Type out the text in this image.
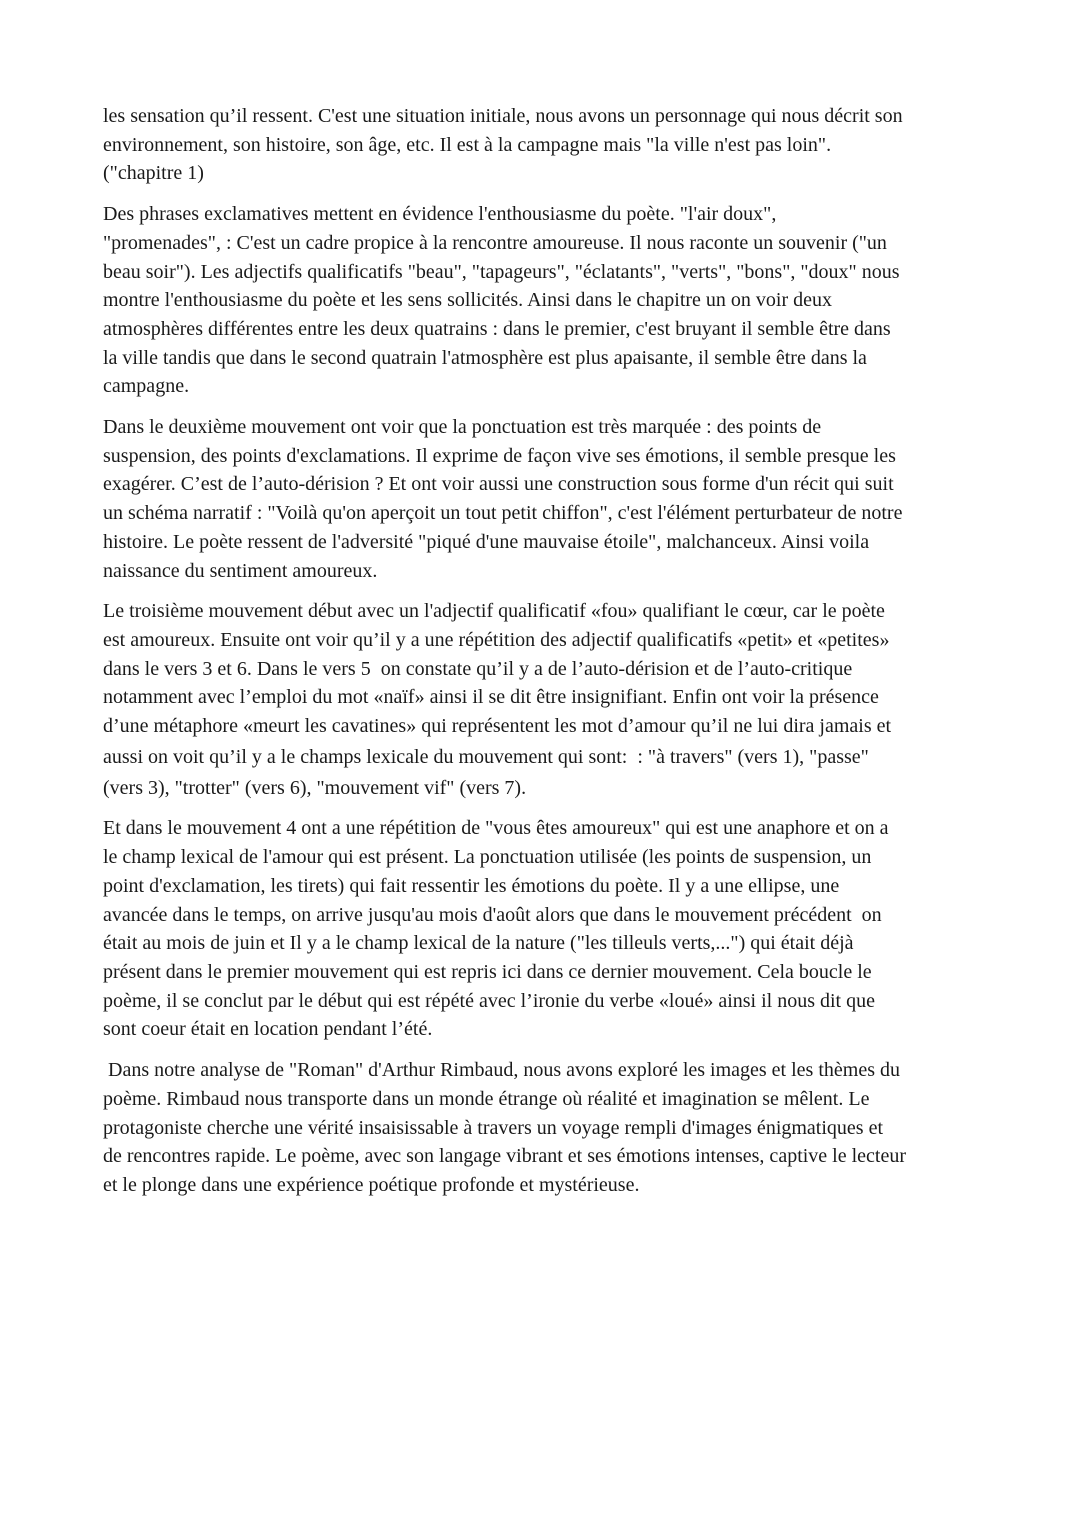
les sensation qu’il ressent. C'est une situation initiale, nous avons un personnage qui nous décrit son
environnement, son histoire, son âge, etc. Il est à la campagne mais "la ville n'est pas loin".
("chapitre 1)
Des phrases exclamatives mettent en évidence l'enthousiasme du poète. "l'air doux",
"promenades", : C'est un cadre propice à la rencontre amoureuse. Il nous raconte un souvenir ("un
beau soir"). Les adjectifs qualificatifs "beau", "tapageurs", "éclatants", "verts", "bons", "doux" nous
montre l'enthousiasme du poète et les sens sollicités. Ainsi dans le chapitre un on voir deux
atmosphères différentes entre les deux quatrains : dans le premier, c'est bruyant il semble être dans
la ville tandis que dans le second quatrain l'atmosphère est plus apaisante, il semble être dans la
campagne.
Dans le deuxième mouvement ont voir que la ponctuation est très marquée : des points de
suspension, des points d'exclamations. Il exprime de façon vive ses émotions, il semble presque les
exagérer. C’est de l’auto-dérision ? Et ont voir aussi une construction sous forme d'un récit qui suit
un schéma narratif : "Voilà qu'on aperçoit un tout petit chiffon", c'est l'élément perturbateur de notre
histoire. Le poète ressent de l'adversité "piqué d'une mauvaise étoile", malchanceux. Ainsi voila
naissance du sentiment amoureux.
Le troisième mouvement début avec un l'adjectif qualificatif «fou» qualifiant le cœur, car le poète
est amoureux. Ensuite ont voir qu’il y a une répétition des adjectif qualificatifs «petit» et «petites»
dans le vers 3 et 6. Dans le vers 5  on constate qu’il y a de l’auto-dérision et de l’auto-critique
notamment avec l’emploi du mot «naïf» ainsi il se dit être insignifiant. Enfin ont voir la présence
d’une métaphore «meurt les cavatines» qui représentent les mot d’amour qu’il ne lui dira jamais et
aussi on voit qu’il y a le champs lexicale du mouvement qui sont:  : "à travers" (vers 1), "passe"
(vers 3), "trotter" (vers 6), "mouvement vif" (vers 7).
Et dans le mouvement 4 ont a une répétition de "vous êtes amoureux" qui est une anaphore et on a
le champ lexical de l'amour qui est présent. La ponctuation utilisée (les points de suspension, un
point d'exclamation, les tirets) qui fait ressentir les émotions du poète. Il y a une ellipse, une
avancée dans le temps, on arrive jusqu'au mois d'août alors que dans le mouvement précédent  on
était au mois de juin et Il y a le champ lexical de la nature ("les tilleuls verts,...") qui était déjà
présent dans le premier mouvement qui est repris ici dans ce dernier mouvement. Cela boucle le
poème, il se conclut par le début qui est répété avec l’ironie du verbe «loué» ainsi il nous dit que
sont coeur était en location pendant l’été.
Dans notre analyse de "Roman" d'Arthur Rimbaud, nous avons exploré les images et les thèmes du
poème. Rimbaud nous transporte dans un monde étrange où réalité et imagination se mêlent. Le
protagoniste cherche une vérité insaisissable à travers un voyage rempli d'images énigmatiques et
de rencontres rapide. Le poème, avec son langage vibrant et ses émotions intenses, captive le lecteur
et le plonge dans une expérience poétique profonde et mystérieuse.
